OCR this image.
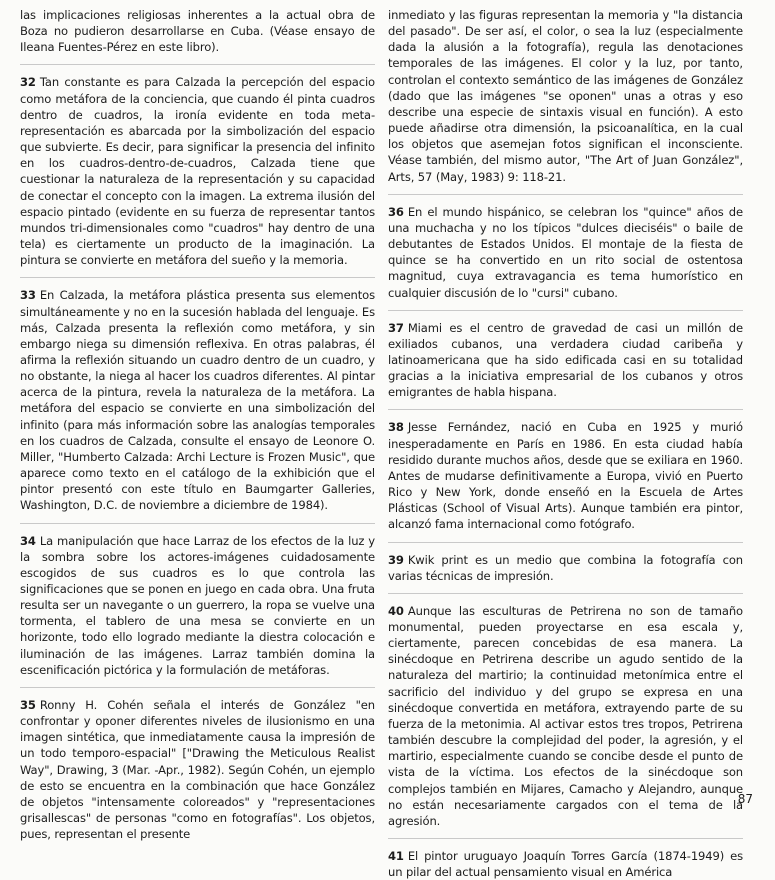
las implicaciones religiosas inherentes a la actual obra de Boza no pudieron desarrollarse en Cuba. (Véase ensayo de Ileana Fuentes-Pérez en este libro).

32 Tan constante es para Calzada la percepción del espacio como metáfora de la conciencia, que cuando él pinta cuadros dentro de cuadros, la ironía evidente en toda meta-representación es abarcada por la simbolización del espacio que subvierte. Es decir, para significar la presencia del infinito en los cuadros-dentro-de-cuadros, Calzada tiene que cuestionar la naturaleza de la representación y su capacidad de conectar el concepto con la imagen. La extrema ilusión del espacio pintado (evidente en su fuerza de representar tantos mundos tri-dimensionales como "cuadros" hay dentro de una tela) es ciertamente un producto de la imaginación. La pintura se convierte en metáfora del sueño y la memoria.

33 En Calzada, la metáfora plástica presenta sus elementos simultáneamente y no en la sucesión hablada del lenguaje. Es más, Calzada presenta la reflexión como metáfora, y sin embargo niega su dimensión reflexiva. En otras palabras, él afirma la reflexión situando un cuadro dentro de un cuadro, y no obstante, la niega al hacer los cuadros diferentes. Al pintar acerca de la pintura, revela la naturaleza de la metáfora. La metáfora del espacio se convierte en una simbolización del infinito (para más información sobre las analogías temporales en los cuadros de Calzada, consulte el ensayo de Leonore O. Miller, "Humberto Calzada: Archi Lecture is Frozen Music", que aparece como texto en el catálogo de la exhibición que el pintor presentó con este título en Baumgarter Galleries, Washington, D.C. de noviembre a diciembre de 1984).

34 La manipulación que hace Larraz de los efectos de la luz y la sombra sobre los actores-imágenes cuidadosamente escogidos de sus cuadros es lo que controla las significaciones que se ponen en juego en cada obra. Una fruta resulta ser un navegante o un guerrero, la ropa se vuelve una tormenta, el tablero de una mesa se convierte en un horizonte, todo ello logrado mediante la diestra colocación e iluminación de las imágenes. Larraz también domina la escenificación pictórica y la formulación de metáforas.

35 Ronny H. Cohén señala el interés de González "en confrontar y oponer diferentes niveles de ilusionismo en una imagen sintética, que inmediatamente causa la impresión de un todo temporo-espacial" ["Drawing the Meticulous Realist Way", Drawing, 3 (Mar. -Apr., 1982). Según Cohén, un ejemplo de esto se encuentra en la combinación que hace González de objetos "intensamente coloreados" y "representaciones grisallescas" de personas "como en fotografías". Los objetos, pues, representan el presente

inmediato y las figuras representan la memoria y "la distancia del pasado". De ser así, el color, o sea la luz (especialmente dada la alusión a la fotografía), regula las denotaciones temporales de las imágenes. El color y la luz, por tanto, controlan el contexto semántico de las imágenes de González (dado que las imágenes "se oponen" unas a otras y eso describe una especie de sintaxis visual en función). A esto puede añadirse otra dimensión, la psicoanalítica, en la cual los objetos que asemejan fotos significan el inconsciente. Véase también, del mismo autor, "The Art of Juan González", Arts, 57 (May, 1983) 9: 118-21.

36 En el mundo hispánico, se celebran los "quince" años de una muchacha y no los típicos "dulces dieciséis" o baile de debutantes de Estados Unidos. El montaje de la fiesta de quince se ha convertido en un rito social de ostentosa magnitud, cuya extravagancia es tema humorístico en cualquier discusión de lo "cursi" cubano.

37 Miami es el centro de gravedad de casi un millón de exiliados cubanos, una verdadera ciudad caribeña y latinoamericana que ha sido edificada casi en su totalidad gracias a la iniciativa empresarial de los cubanos y otros emigrantes de habla hispana.

38 Jesse Fernández, nació en Cuba en 1925 y murió inesperadamente en París en 1986. En esta ciudad había residido durante muchos años, desde que se exiliara en 1960. Antes de mudarse definitivamente a Europa, vivió en Puerto Rico y New York, donde enseñó en la Escuela de Artes Plásticas (School of Visual Arts). Aunque también era pintor, alcanzó fama internacional como fotógrafo.

39 Kwik print es un medio que combina la fotografía con varias técnicas de impresión.

40 Aunque las esculturas de Petrirena no son de tamaño monumental, pueden proyectarse en esa escala y, ciertamente, parecen concebidas de esa manera. La sinécdoque en Petrirena describe un agudo sentido de la naturaleza del martirio; la continuidad metonímica entre el sacrificio del individuo y del grupo se expresa en una sinécdoque convertida en metáfora, extrayendo parte de su fuerza de la metonimia. Al activar estos tres tropos, Petrirena también descubre la complejidad del poder, la agresión, y el martirio, especialmente cuando se concibe desde el punto de vista de la víctima. Los efectos de la sinécdoque son complejos también en Mijares, Camacho y Alejandro, aunque no están necesariamente cargados con el tema de la agresión.

41 El pintor uruguayo Joaquín Torres García (1874-1949) es un pilar del actual pensamiento visual en América

87
